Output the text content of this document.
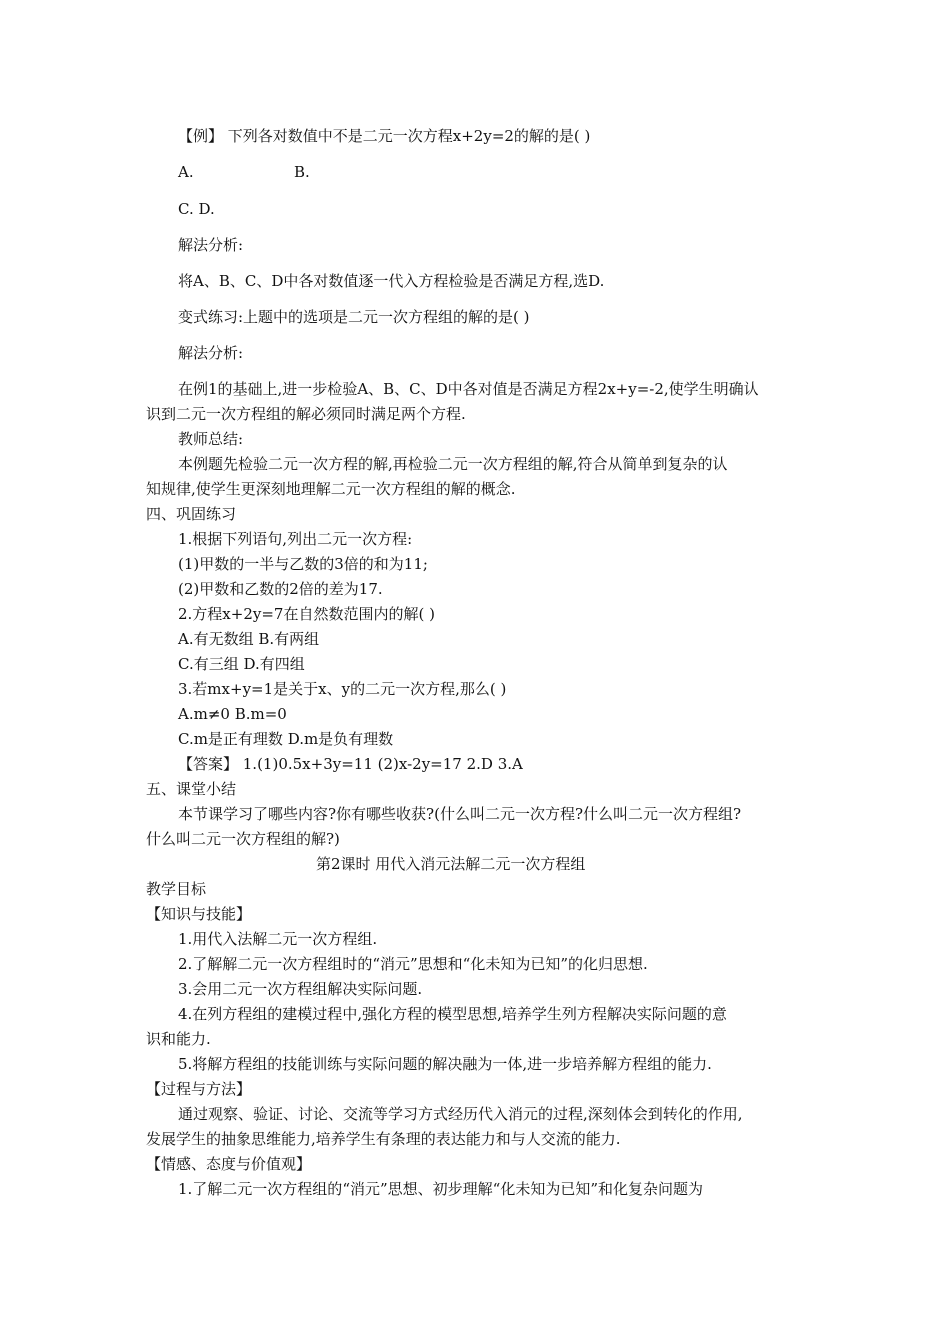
【例】 下列各对数值中不是二元一次方程x+2y=2的解的是( )
A.	B.
C. D.
解法分析:
将A、B、C、D中各对数值逐一代入方程检验是否满足方程,选D.
变式练习:上题中的选项是二元一次方程组的解的是( )
解法分析:
在例1的基础上,进一步检验A、B、C、D中各对值是否满足方程2x+y=-2,使学生明确认
识到二元一次方程组的解必须同时满足两个方程.
教师总结:
本例题先检验二元一次方程的解,再检验二元一次方程组的解,符合从简单到复杂的认
知规律,使学生更深刻地理解二元一次方程组的解的概念.
四、巩固练习
1.根据下列语句,列出二元一次方程:
(1)甲数的一半与乙数的3倍的和为11;
(2)甲数和乙数的2倍的差为17.
2.方程x+2y=7在自然数范围内的解( )
A.有无数组 B.有两组
C.有三组 D.有四组
3.若mx+y=1是关于x、y的二元一次方程,那么( )
A.m≠0 B.m=0
C.m是正有理数 D.m是负有理数
【答案】 1.(1)0.5x+3y=11 (2)x-2y=17 2.D 3.A
五、课堂小结
本节课学习了哪些内容?你有哪些收获?(什么叫二元一次方程?什么叫二元一次方程组?
什么叫二元一次方程组的解?)
第2课时 用代入消元法解二元一次方程组
教学目标
【知识与技能】
1.用代入法解二元一次方程组.
2.了解解二元一次方程组时的“消元”思想和“化未知为已知”的化归思想.
3.会用二元一次方程组解决实际问题.
4.在列方程组的建模过程中,强化方程的模型思想,培养学生列方程解决实际问题的意
识和能力.
5.将解方程组的技能训练与实际问题的解决融为一体,进一步培养解方程组的能力.
【过程与方法】
通过观察、验证、讨论、交流等学习方式经历代入消元的过程,深刻体会到转化的作用,
发展学生的抽象思维能力,培养学生有条理的表达能力和与人交流的能力.
【情感、态度与价值观】
1.了解二元一次方程组的“消元”思想、初步理解“化未知为已知”和化复杂问题为
